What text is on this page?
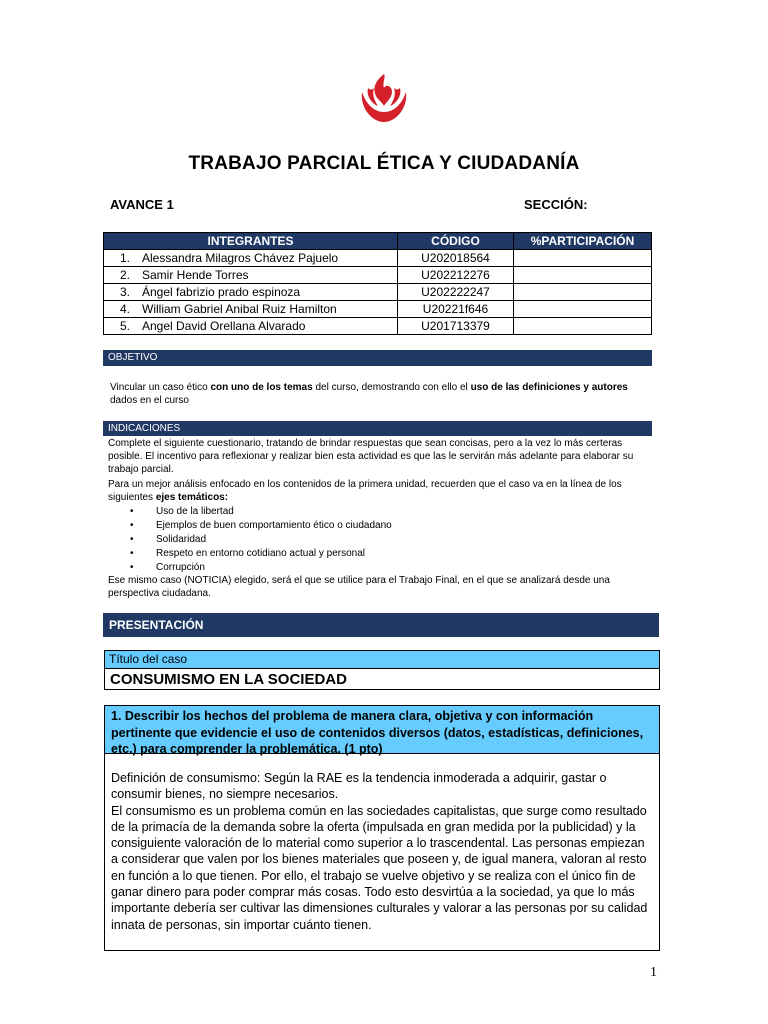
TRABAJO PARCIAL ÉTICA Y CIUDADANÍA
AVANCE 1	SECCIÓN:
INTEGRANTES		CÓDIGO	%PARTICIPACIÓN
1.	Alessandra Milagros Chávez Pajuelo	U202018564	
2.	Samir Hende Torres	U202212276	
3.	Ángel fabrizio prado espinoza	U202222247	
4.	William Gabriel Anibal Ruiz Hamilton	U20221f646	
5.	Angel David Orellana Alvarado	U201713379	
OBJETIVO
Vincular un caso ético con uno de los temas del curso, demostrando con ello el uso de las definiciones y autores
dados en el curso
INDICACIONES
Complete el siguiente cuestionario, tratando de brindar respuestas que sean concisas, pero a la vez lo más certeras posible. El incentivo para reflexionar y realizar bien esta actividad es que las le servirán más adelante para elaborar su trabajo parcial.
Para un mejor análisis enfocado en los contenidos de la primera unidad, recuerden que el caso va en la línea de los siguientes ejes temáticos:
• Uso de la libertad
• Ejemplos de buen comportamiento ético o ciudadano
• Solidaridad
• Respeto en entorno cotidiano actual y personal
• Corrupción
Ese mismo caso (NOTICIA) elegido, será el que se utilice para el Trabajo Final, en el que se analizará desde una perspectiva ciudadana.
PRESENTACIÓN
Título del caso
CONSUMISMO EN LA SOCIEDAD
1. Describir los hechos del problema de manera clara, objetiva y con información pertinente que evidencie el uso de contenidos diversos (datos, estadísticas, definiciones, etc.) para comprender la problemática. (1 pto)

Definición de consumismo: Según la RAE es la tendencia inmoderada a adquirir, gastar o consumir bienes, no siempre necesarios.

El consumismo es un problema común en las sociedades capitalistas, que surge como resultado de la primacía de la demanda sobre la oferta (impulsada en gran medida por la publicidad) y la consiguiente valoración de lo material como superior a lo trascendental. Las personas empiezan a considerar que valen por los bienes materiales que poseen y, de igual manera, valoran al resto en función a lo que tienen. Por ello, el trabajo se vuelve objetivo y se realiza con el único fin de ganar dinero para poder comprar más cosas. Todo esto desvirtúa a la sociedad, ya que lo más importante debería ser cultivar las dimensiones culturales y valorar a las personas por su calidad innata de personas, sin importar cuánto tienen.

1
